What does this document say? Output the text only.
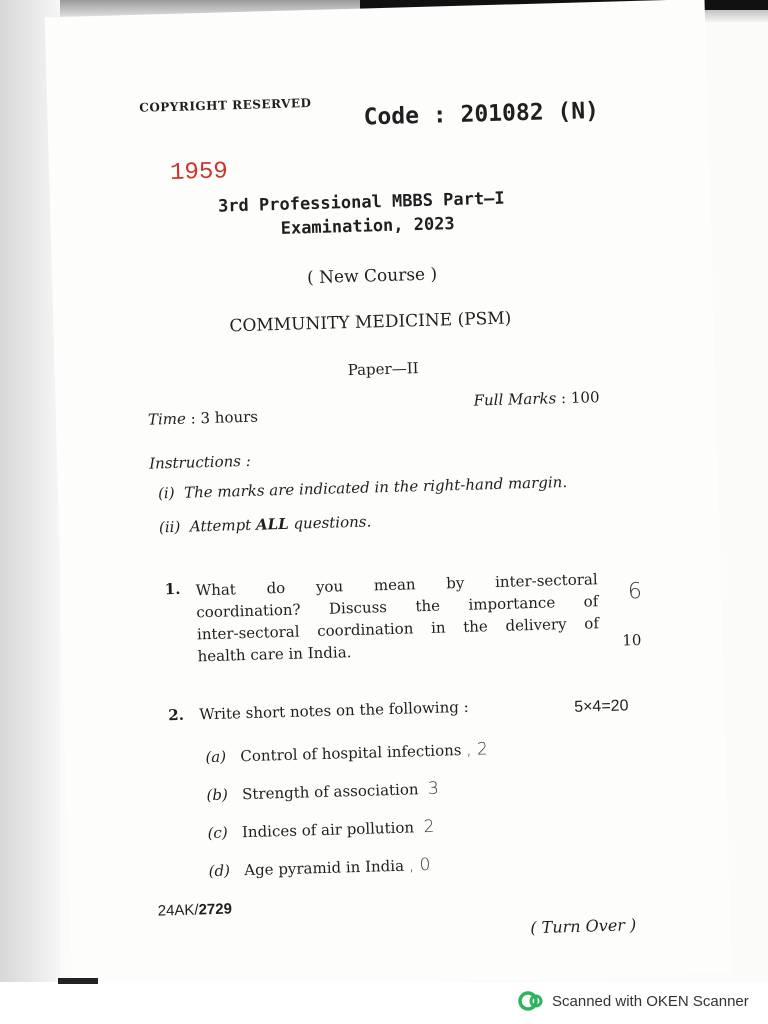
COPYRIGHT RESERVED Code : 201082 (N)
1959
3rd Professional MBBS Part–I
Examination, 2023
( New Course )
COMMUNITY MEDICINE (PSM)
Paper—II
Time : 3 hours
Full Marks : 100
Instructions :
(i) The marks are indicated in the right-hand margin.
(ii) Attempt ALL questions.
1. What do you mean by inter-sectoral
coordination? Discuss the importance of
inter-sectoral coordination in the delivery of
health care in India.
6
10
2. Write short notes on the following :	5×4=20
(a) Control of hospital infections , 2
(b) Strength of association 3
(c) Indices of air pollution 2
(d) Age pyramid in India , 0
24AK/2729
( Turn Over )
Scanned with OKEN Scanner
